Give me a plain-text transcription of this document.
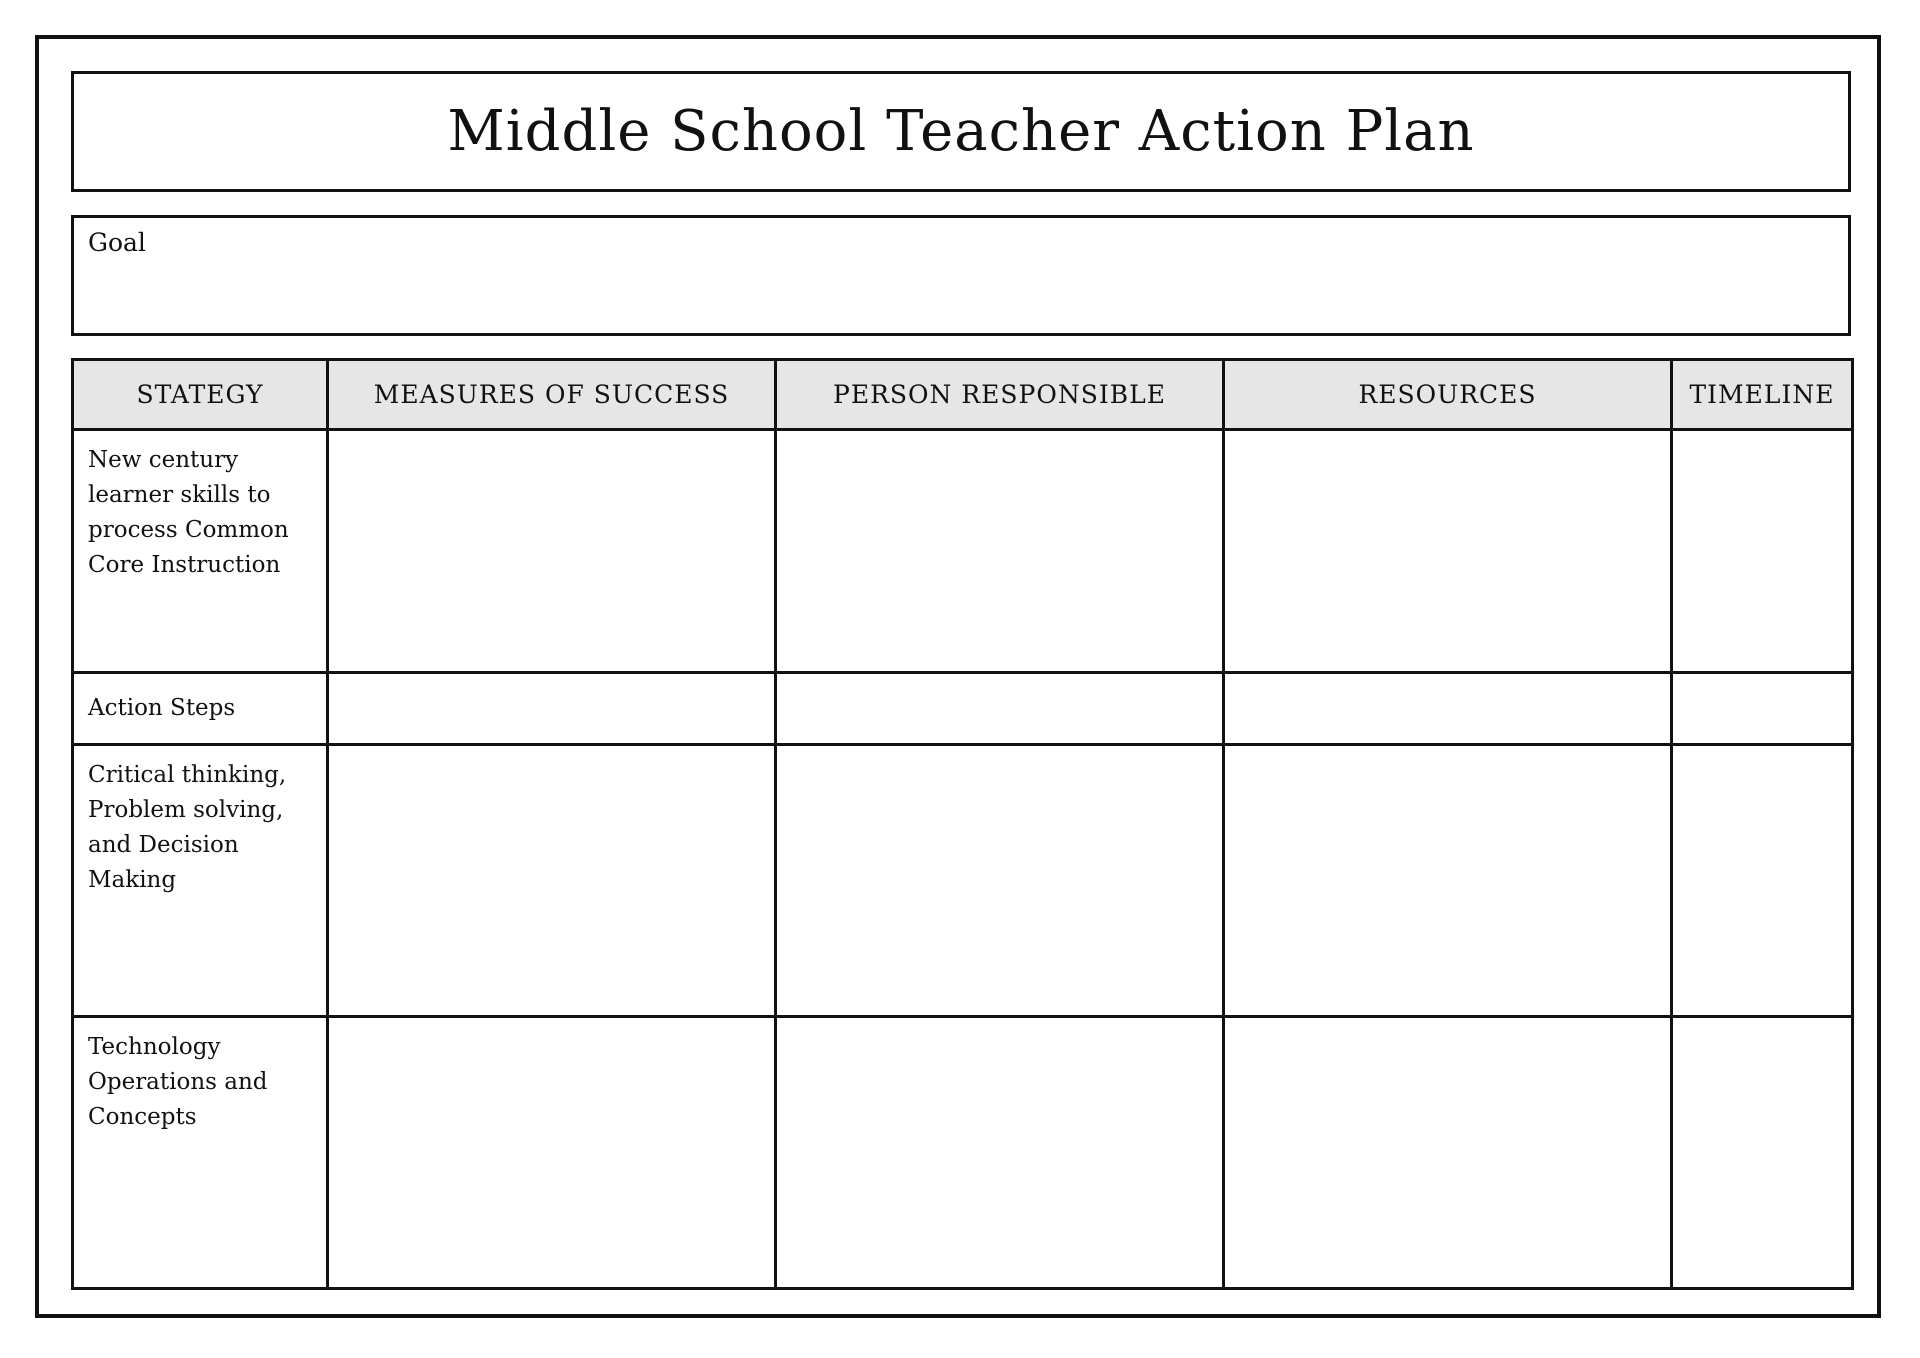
Middle School Teacher Action Plan
Goal
STATEGY	MEASURES OF SUCCESS	PERSON RESPONSIBLE	RESOURCES	TIMELINE
New century learner skills to process Common Core Instruction				
Action Steps				
Critical thinking, Problem solving, and Decision Making				
Technology Operations and Concepts				
